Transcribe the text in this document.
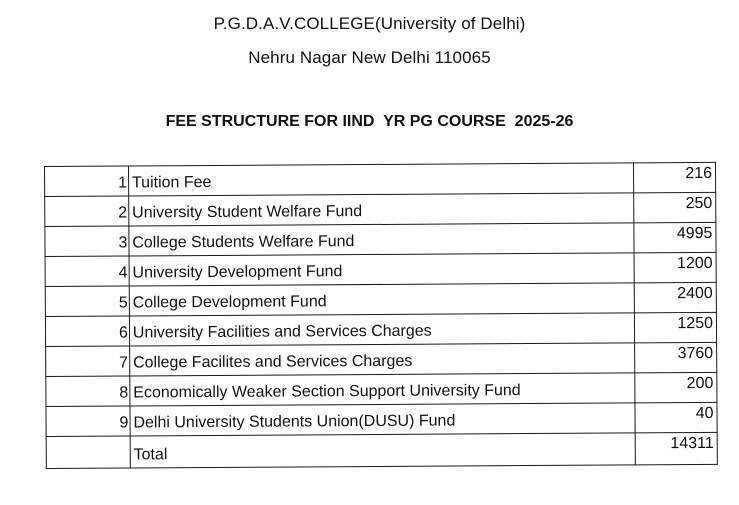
P.G.D.A.V.COLLEGE(University of Delhi)
Nehru Nagar New Delhi 110065
FEE STRUCTURE FOR IIND  YR PG COURSE  2025-26
1	Tuition Fee	216
2	University Student Welfare Fund	250
3	College Students Welfare Fund	4995
4	University Development Fund	1200
5	College Development Fund	2400
6	University Facilities and Services Charges	1250
7	College Facilites and Services Charges	3760
8	Economically Weaker Section Support University Fund	200
9	Delhi University Students Union(DUSU) Fund	40
	Total	14311
